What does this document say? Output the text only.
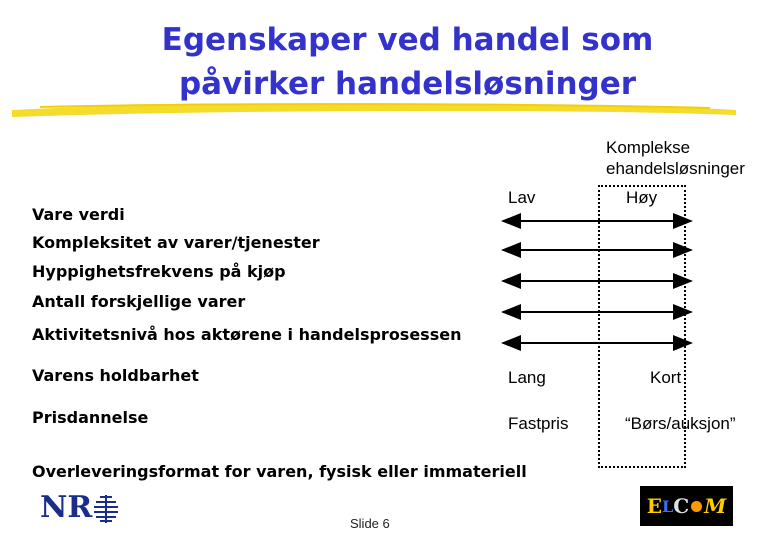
Egenskaper ved handel som
påvirker handelsløsninger
Komplekse
ehandelsløsninger
Lav	Høy
Vare verdi
Kompleksitet av varer/tjenester
Hyppighetsfrekvens på kjøp
Antall forskjellige varer
Aktivitetsnivå hos aktørene i handelsprosessen
Varens holdbarhet
Prisdannelse
Overleveringsformat for varen, fysisk eller immateriell
Lang	Kort
Fastpris	“Børs/auksjon”
NR	Slide 6
E L C M
